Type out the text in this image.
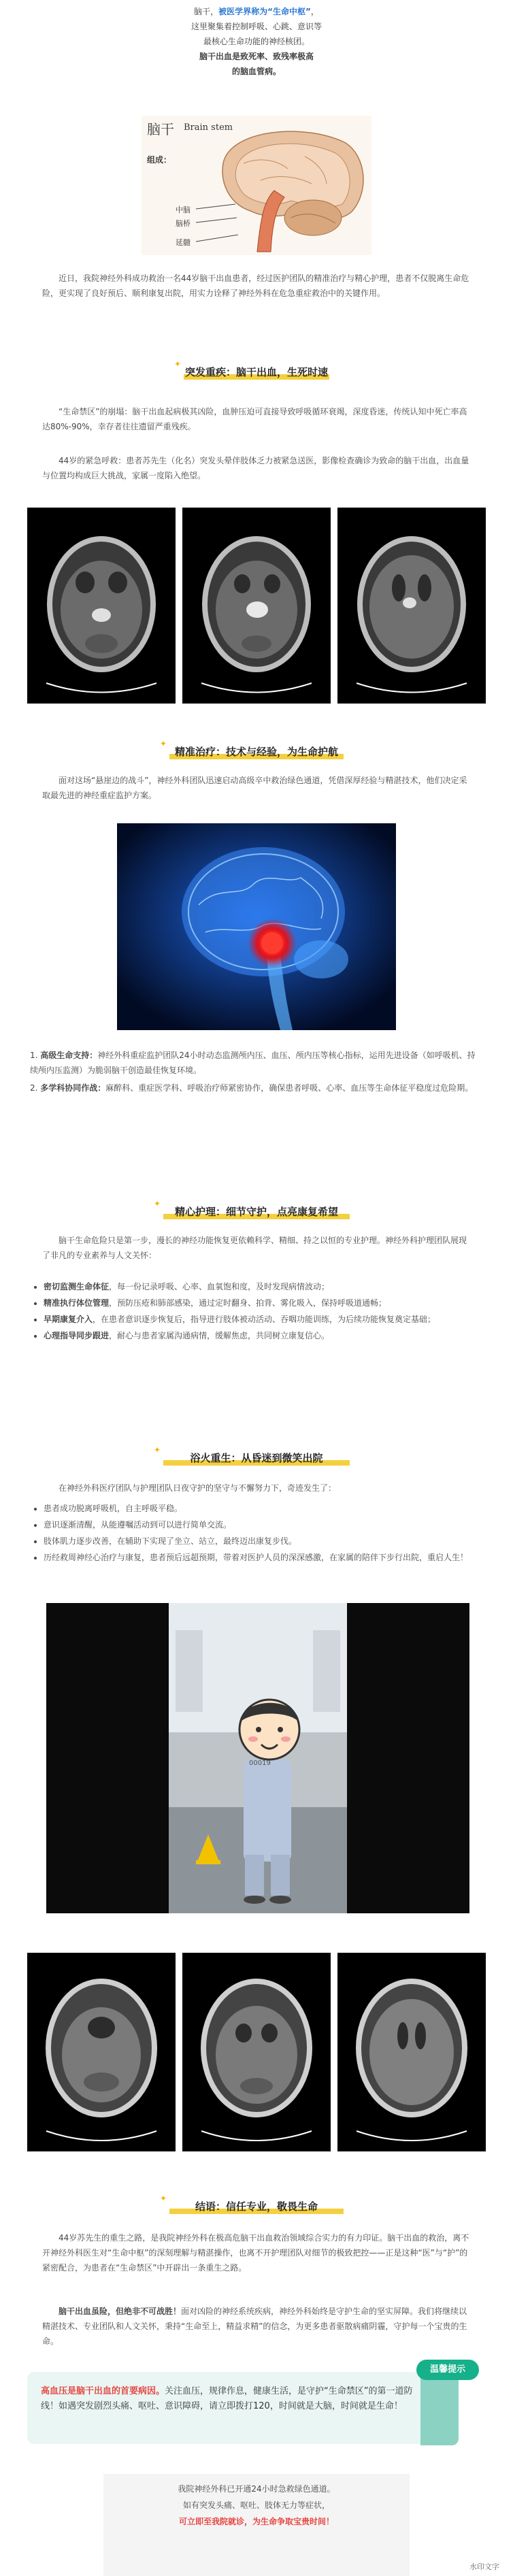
脑干，被医学界称为“生命中枢”，
这里聚集着控制呼吸、心跳、意识等
最核心生命功能的神经核团。
脑干出血是致死率、致残率极高
的脑血管病。
脑干 Brain stem
组成：
中脑
脑桥
延髓
近日，我院神经外科成功救治一名44岁脑干出血患者，经过医护团队的精准治疗与精心护理，患者不仅脱离生命危险，更实现了良好预后、顺利康复出院，用实力诠释了神经外科在危急重症救治中的关键作用。
✦
突发重疾：脑干出血，生死时速
“生命禁区”的崩塌：脑干出血起病极其凶险，血肿压迫可直接导致呼吸循环衰竭，深度昏迷，传统认知中死亡率高达80%-90%，幸存者往往遗留严重残疾。
44岁的紧急呼救：患者苏先生（化名）突发头晕伴肢体乏力被紧急送医，影像检查确诊为致命的脑干出血，出血量与位置均构成巨大挑战，家属一度陷入绝望。
✦
精准治疗：技术与经验，为生命护航
面对这场“悬崖边的战斗”，神经外科团队迅速启动高级卒中救治绿色通道，凭借深厚经验与精湛技术，他们决定采取最先进的神经重症监护方案。
1. 高级生命支持：神经外科重症监护团队24小时动态监测颅内压、血压、颅内压等核心指标，运用先进设备（如呼吸机、持续颅内压监测）为脆弱脑干创造最佳恢复环境。
2. 多学科协同作战：麻醉科、重症医学科、呼吸治疗师紧密协作，确保患者呼吸、心率、血压等生命体征平稳度过危险期。
✦
精心护理：细节守护，点亮康复希望
脑干生命危险只是第一步，漫长的神经功能恢复更依赖科学、精细、持之以恒的专业护理。神经外科护理团队展现了非凡的专业素养与人文关怀：
• 密切监测生命体征，每一份记录呼吸、心率、血氧饱和度，及时发现病情波动；
• 精准执行体位管理，预防压疮和肺部感染，通过定时翻身、拍背、雾化吸入，保持呼吸道通畅；
• 早期康复介入，在患者意识逐步恢复后，指导进行肢体被动活动、吞咽功能训练，为后续功能恢复奠定基础；
• 心理指导同步跟进，耐心与患者家属沟通病情，缓解焦虑，共同树立康复信心。
✦
浴火重生：从昏迷到微笑出院
在神经外科医疗团队与护理团队日夜守护的坚守与不懈努力下，奇迹发生了：
• 患者成功脱离呼吸机，自主呼吸平稳。
• 意识逐渐清醒，从能遵嘱活动到可以进行简单交流。
• 肢体肌力逐步改善，在辅助下实现了坐立、站立，最终迈出康复步伐。
• 历经救周神经心治疗与康复，患者预后远超预期，带着对医护人员的深深感激，在家属的陪伴下步行出院，重启人生！
00019
✦
结语：信任专业，敬畏生命
44岁苏先生的重生之路，是我院神经外科在极高危脑干出血救治领域综合实力的有力印证。脑干出血的救治，离不开神经外科医生对“生命中枢”的深刻理解与精湛操作，也离不开护理团队对细节的极致把控——正是这种“医”与“护”的紧密配合，为患者在“生命禁区”中开辟出一条重生之路。
脑干出血虽险，但绝非不可战胜！面对凶险的神经系统疾病，神经外科始终是守护生命的坚实屏障。我们将继续以精湛技术、专业团队和人文关怀，秉持“生命至上，精益求精”的信念，为更多患者驱散病痛阴霾，守护每一个宝贵的生命。
高血压是脑干出血的首要病因。关注血压，规律作息，健康生活，是守护“生命禁区”的第一道防线！如遇突发剧烈头痛、呕吐、意识障碍，请立即拨打120，时间就是大脑，时间就是生命！
温馨提示
我院神经外科已开通24小时急救绿色通道。
如有突发头痛、呕吐、肢体无力等症状，
可立即至我院就诊，为生命争取宝贵时间！
水印文字
